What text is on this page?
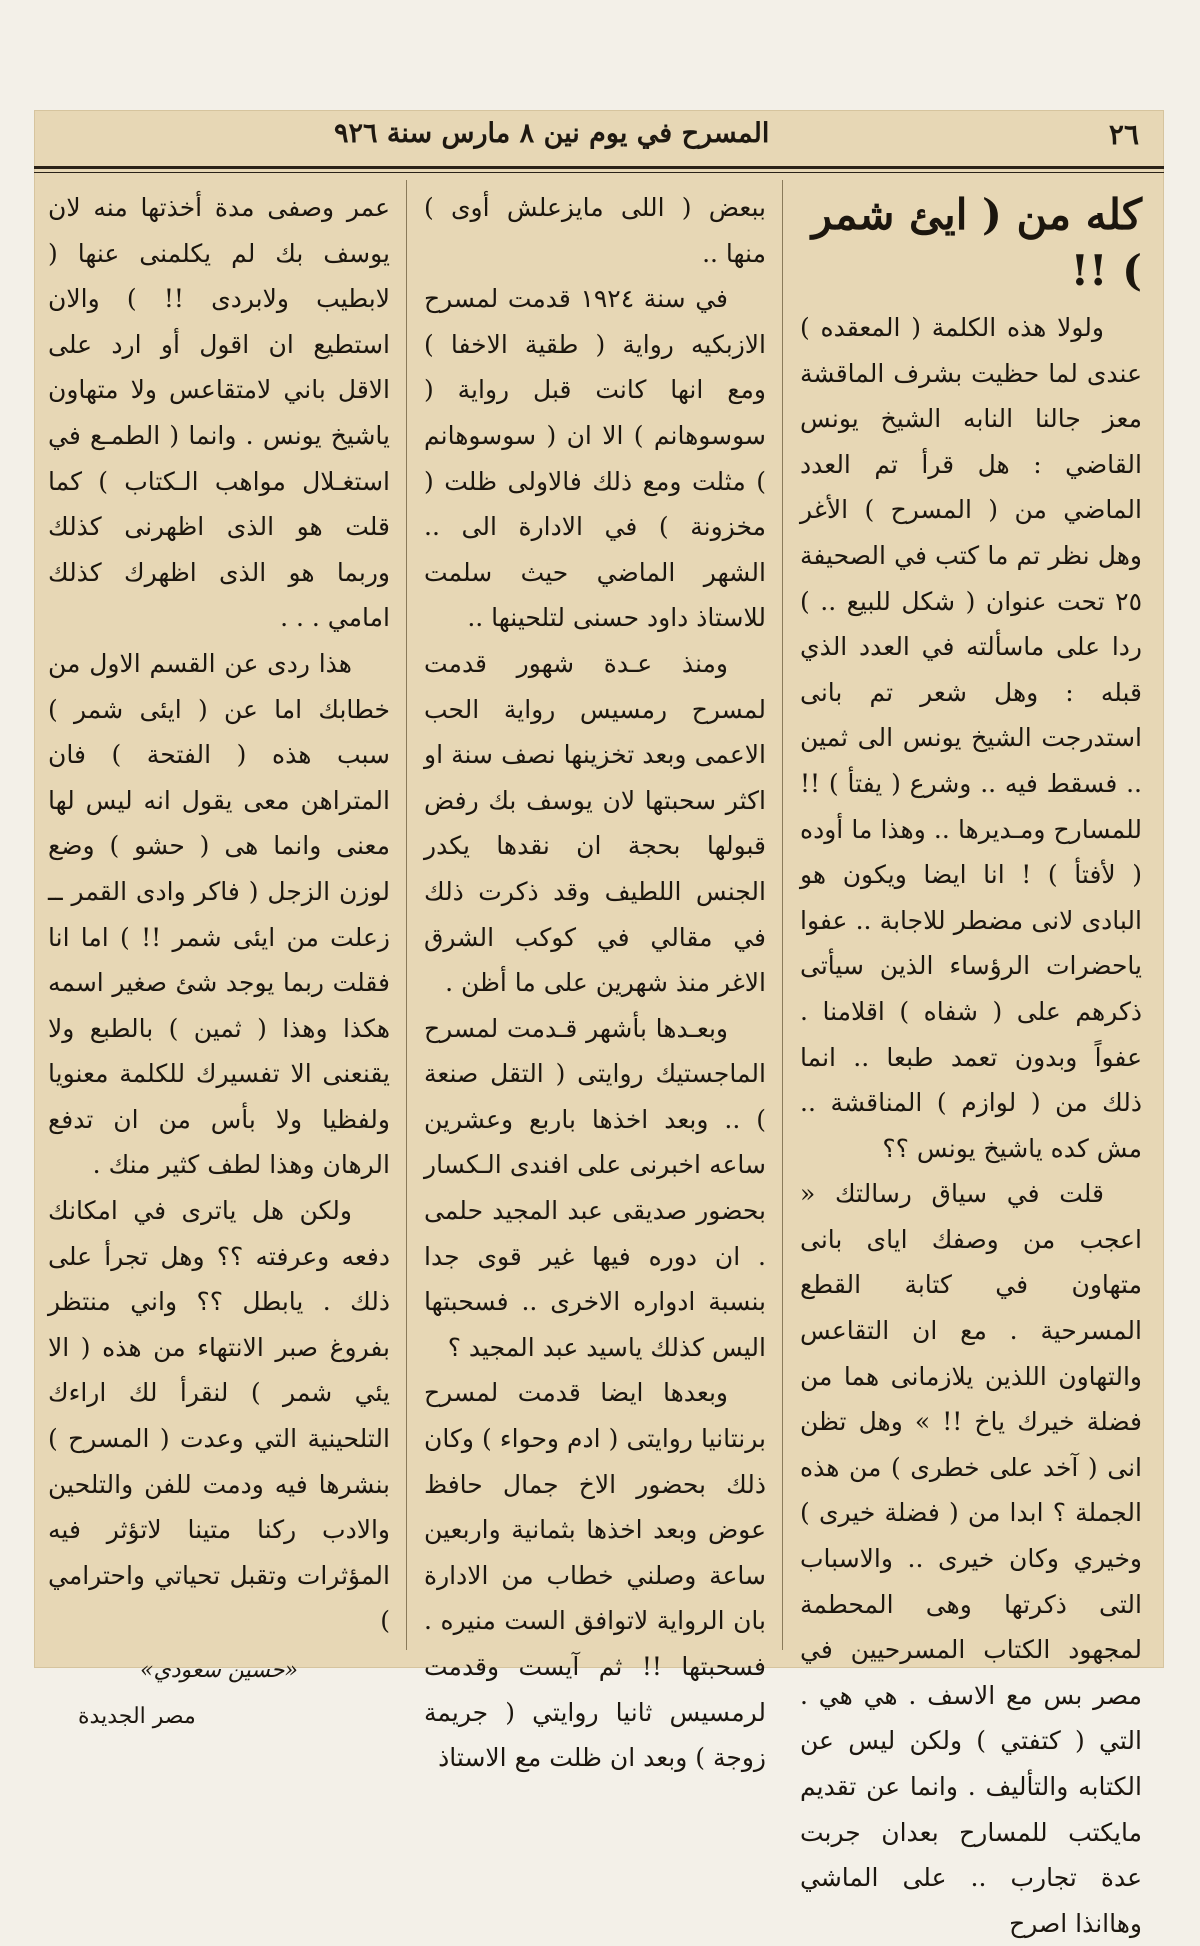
٢٦
المسرح في يوم نين ٨ مارس سنة ٩٢٦
كله من ( ايئ شمر ) !!

ولولا هذه الكلمة ( المعقده ) عندى لما حظيت بشرف الماقشة معز جالنا النابه الشيخ يونس القاضي : هل قرأ تم العدد الماضي من ( المسرح ) الأغر وهل نظر تم ما كتب في الصحيفة ٢٥ تحت عنوان ( شكل للبيع .. ) ردا على ماسألته في العدد الذي قبله : وهل شعر تم بانى استدرجت الشيخ يونس الى ثمين .. فسقط فيه .. وشرع ( يفتأ ) !! للمسارح ومـديرها .. وهذا ما أوده ( لأفتأ ) ! انا ايضا ويكون هو البادى لانى مضطر للاجابة .. عفوا ياحضرات الرؤساء الذين سيأتى ذكرهم على ( شفاه ) اقلامنا . عفواً وبدون تعمد طبعا .. انما ذلك من ( لوازم ) المناقشة .. مش كده ياشيخ يونس ؟؟

قلت في سياق رسالتك « اعجب من وصفك اياى بانى متهاون في كتابة القطع المسرحية . مع ان التقاعس والتهاون اللذين يلازمانى هما من فضلة خيرك ياخ !! » وهل تظن انى ( آخد على خطرى ) من هذه الجملة ؟ ابدا من ( فضلة خيرى ) وخيري وكان خيرى .. والاسباب التى ذكرتها وهى المحطمة لمجهود الكتاب المسرحيين في مصر بس مع الاسف . هي هي . التي ( كتفتي ) ولكن ليس عن الكتابه والتأليف . وانما عن تقديم مايكتب للمسارح بعدان جربت عدة تجارب .. على الماشي وهاانذا اصرح

ببعض ( اللى مايزعلش أوى ) منها ..

في سنة ١٩٢٤ قدمت لمسرح الازبكيه رواية ( طقية الاخفا ) ومع انها كانت قبل رواية ( سوسوهانم ) الا ان ( سوسوهانم ) مثلت ومع ذلك فالاولى ظلت ( مخزونة ) في الادارة الى .. الشهر الماضي حيث سلمت للاستاذ داود حسنى لتلحينها ..

ومنذ عـدة شهور قدمت لمسرح رمسيس رواية الحب الاعمى وبعد تخزينها نصف سنة او اكثر سحبتها لان يوسف بك رفض قبولها بحجة ان نقدها يكدر الجنس اللطيف وقد ذكرت ذلك في مقالي في كوكب الشرق الاغر منذ شهرين على ما أظن .

وبعـدها بأشهر قـدمت لمسرح الماجستيك روايتى ( التقل صنعة ) .. وبعد اخذها باربع وعشرين ساعه اخبرنى على افندى الـكسار بحضور صديقى عبد المجيد حلمى . ان دوره فيها غير قوى جدا بنسبة ادواره الاخرى .. فسحبتها اليس كذلك ياسيد عبد المجيد ؟

وبعدها ايضا قدمت لمسرح برنتانيا روايتى ( ادم وحواء ) وكان ذلك بحضور الاخ جمال حافظ عوض وبعد اخذها بثمانية واربعين ساعة وصلني خطاب من الادارة بان الرواية لاتوافق الست منيره . فسحبتها !! ثم آيست وقدمت لرمسيس ثانيا روايتي ( جريمة زوجة ) وبعد ان ظلت مع الاستاذ

عمر وصفى مدة أخذتها منه لان يوسف بك لم يكلمنى عنها ( لابطيب ولابردى !! ) والان استطيع ان اقول أو ارد على الاقل باني لامتقاعس ولا متهاون ياشيخ يونس . وانما ( الطمـع في استغـلال مواهب الـكتاب ) كما قلت هو الذى اظهرنى كذلك وربما هو الذى اظهرك كذلك امامي . . .

هذا ردى عن القسم الاول من خطابك اما عن ( ايئى شمر ) سبب هذه ( الفتحة ) فان المتراهن معى يقول انه ليس لها معنى وانما هى ( حشو ) وضع لوزن الزجل ( فاكر وادى القمر ــ زعلت من ايئى شمر !! ) اما انا فقلت ربما يوجد شئ صغير اسمه هكذا وهذا ( ثمين ) بالطبع ولا يقنعنى الا تفسيرك للكلمة معنويا ولفظيا ولا بأس من ان تدفع الرهان وهذا لطف كثير منك .

ولكن هل ياترى في امكانك دفعه وعرفته ؟؟ وهل تجرأ على ذلك . يابطل ؟؟ واني منتظر بفروغ صبر الانتهاء من هذه ( الا يئي شمر ) لنقرأ لك اراءك التلحينية التي وعدت ( المسرح ) بنشرها فيه ودمت للفن والتلحين والادب ركنا متينا لاتؤثر فيه المؤثرات وتقبل تحياتي واحترامي )

«حسين سعودي»
مصر الجديدة
